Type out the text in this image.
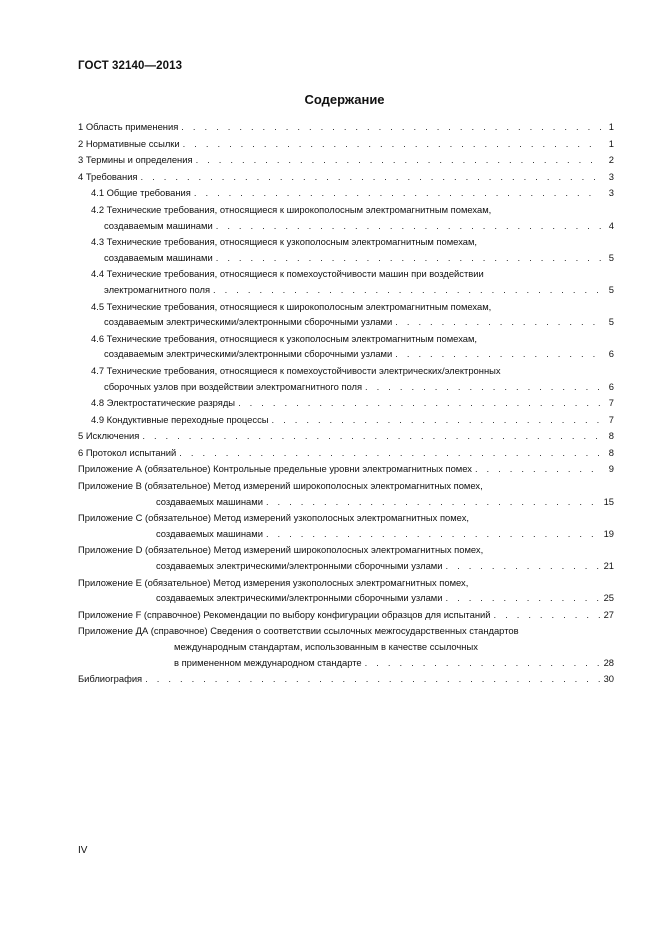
ГОСТ 32140—2013
Содержание
1 Область применения . . .	1
2 Нормативные ссылки . . .	1
3 Термины и определения . . .	2
4 Требования . . .	3
4.1 Общие требования . . .	3
4.2 Технические требования, относящиеся к широкополосным электромагнитным помехам,
создаваемым машинами . . .	4
4.3 Технические требования, относящиеся к узкополосным электромагнитным помехам,
создаваемым машинами . . .	5
4.4 Технические требования, относящиеся к помехоустойчивости машин при воздействии
электромагнитного поля . . .	5
4.5 Технические требования, относящиеся к широкополосным электромагнитным помехам,
создаваемым электрическими/электронными сборочными узлами . . .	5
4.6 Технические требования, относящиеся к узкополосным электромагнитным помехам,
создаваемым электрическими/электронными сборочными узлами . . .	6
4.7 Технические требования, относящиеся к помехоустойчивости электрических/электронных
сборочных узлов при воздействии электромагнитного поля . . .	6
4.8 Электростатические разряды . . .	7
4.9 Кондуктивные переходные процессы . . .	7
5 Исключения . . .	8
6 Протокол испытаний . . .	8
Приложение А (обязательное) Контрольные предельные уровни электромагнитных помех . . .	9
Приложение В (обязательное) Метод измерений широкополосных электромагнитных помех,
создаваемых машинами . . .	15
Приложение С (обязательное) Метод измерений узкополосных электромагнитных помех,
создаваемых машинами . . .	19
Приложение D (обязательное) Метод измерений широкополосных электромагнитных помех,
создаваемых электрическими/электронными сборочными узлами . . .	21
Приложение Е (обязательное) Метод измерения узкополосных электромагнитных помех,
создаваемых электрическими/электронными сборочными узлами . . .	25
Приложение F (справочное) Рекомендации по выбору конфигурации образцов для испытаний . . .	27
Приложение ДА (справочное) Сведения о соответствии ссылочных межгосударственных стандартов
международным стандартам, использованным в качестве ссылочных
в примененном международном стандарте . . .	28
Библиография . . .	30
IV
